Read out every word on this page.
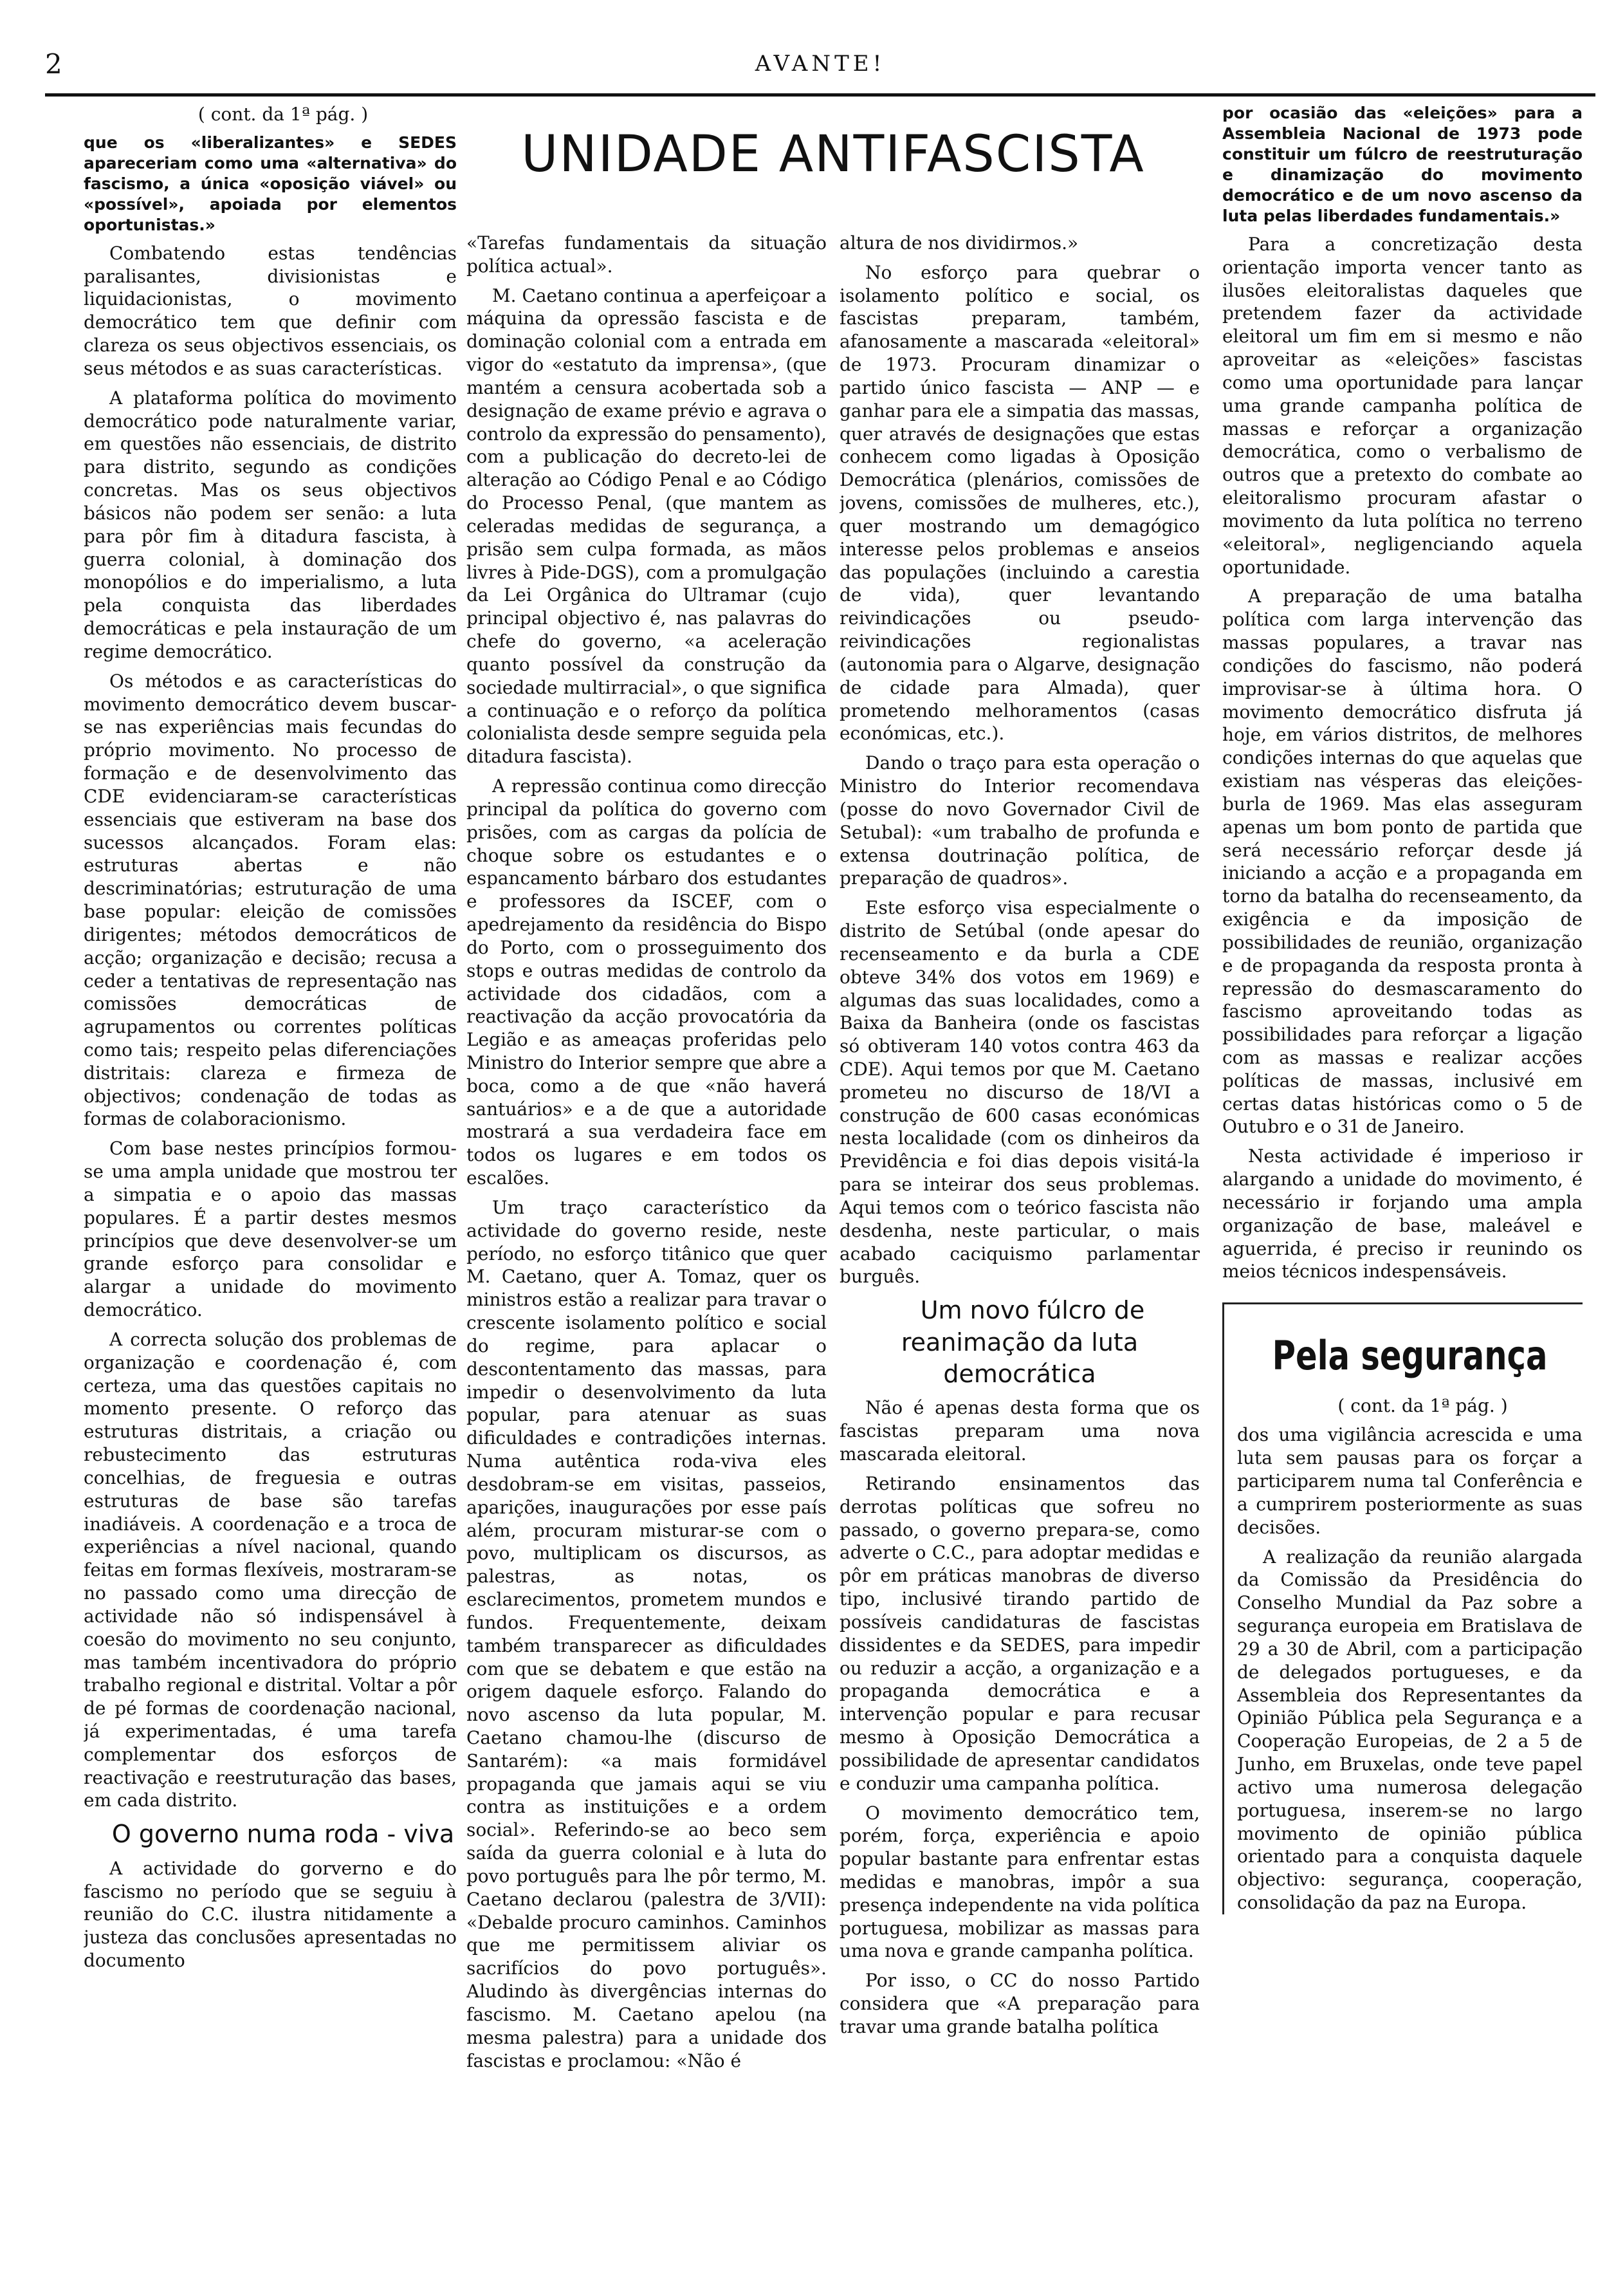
2	AVANTE!
UNIDADE ANTIFASCISTA

( cont. da 1ª pág. )

que os «liberalizantes» e SEDES apareceriam como uma «alternativa» do fascismo, a única «oposição viável» ou «possível», apoiada por elementos oportunistas.»

Combatendo estas tendências paralisantes, divisionistas e liquidacionistas, o movimento democrático tem que definir com clareza os seus objectivos essenciais, os seus métodos e as suas características.

A plataforma política do movimento democrático pode naturalmente variar, em questões não essenciais, de distrito para distrito, segundo as condições concretas. Mas os seus objectivos básicos não podem ser senão: a luta para pôr fim à ditadura fascista, à guerra colonial, à dominação dos monopólios e do imperialismo, a luta pela conquista das liberdades democráticas e pela instauração de um regime democrático.

Os métodos e as características do movimento democrático devem buscar-se nas experiências mais fecundas do próprio movimento. No processo de formação e de desenvolvimento das CDE evidenciaram-se características essenciais que estiveram na base dos sucessos alcançados. Foram elas: estruturas abertas e não descriminatórias; estruturação de uma base popular: eleição de comissões dirigentes; métodos democráticos de acção; organização e decisão; recusa a ceder a tentativas de representação nas comissões democráticas de agrupamentos ou correntes políticas como tais; respeito pelas diferenciações distritais: clareza e firmeza de objectivos; condenação de todas as formas de colaboracionismo.

Com base nestes princípios formou-se uma ampla unidade que mostrou ter a simpatia e o apoio das massas populares. É a partir destes mesmos princípios que deve desenvolver-se um grande esforço para consolidar e alargar a unidade do movimento democrático.

A correcta solução dos problemas de organização e coordenação é, com certeza, uma das questões capitais no momento presente. O reforço das estruturas distritais, a criação ou rebustecimento das estruturas concelhias, de freguesia e outras estruturas de base são tarefas inadiáveis. A coordenação e a troca de experiências a nível nacional, quando feitas em formas flexíveis, mostraram-se no passado como uma direcção de actividade não só indispensável à coesão do movimento no seu conjunto, mas também incentivadora do próprio trabalho regional e distrital. Voltar a pôr de pé formas de coordenação nacional, já experimentadas, é uma tarefa complementar dos esforços de reactivação e reestruturação das bases, em cada distrito.

O governo numa roda - viva

A actividade do gorverno e do fascismo no período que se seguiu à reunião do C.C. ilustra nitidamente a justeza das conclusões apresentadas no documento

«Tarefas fundamentais da situação política actual».

M. Caetano continua a aperfeiçoar a máquina da opressão fascista e de dominação colonial com a entrada em vigor do «estatuto da imprensa», (que mantém a censura acobertada sob a designação de exame prévio e agrava o controlo da expressão do pensamento), com a publicação do decreto-lei de alteração ao Código Penal e ao Código do Processo Penal, (que mantem as celeradas medidas de segurança, a prisão sem culpa formada, as mãos livres à Pide-DGS), com a promulgação da Lei Orgânica do Ultramar (cujo principal objectivo é, nas palavras do chefe do governo, «a aceleração quanto possível da construção da sociedade multirracial», o que significa a continuação e o reforço da política colonialista desde sempre seguida pela ditadura fascista).

A repressão continua como direcção principal da política do governo com prisões, com as cargas da polícia de choque sobre os estudantes e o espancamento bárbaro dos estudantes e professores da ISCEF, com o apedrejamento da residência do Bispo do Porto, com o prosseguimento dos stops e outras medidas de controlo da actividade dos cidadãos, com a reactivação da acção provocatória da Legião e as ameaças proferidas pelo Ministro do Interior sempre que abre a boca, como a de que «não haverá santuários» e a de que a autoridade mostrará a sua verdadeira face em todos os lugares e em todos os escalões.

Um traço característico da actividade do governo reside, neste período, no esforço titânico que quer M. Caetano, quer A. Tomaz, quer os ministros estão a realizar para travar o crescente isolamento político e social do regime, para aplacar o descontentamento das massas, para impedir o desenvolvimento da luta popular, para atenuar as suas dificuldades e contradições internas. Numa autêntica roda-viva eles desdobram-se em visitas, passeios, aparições, inaugurações por esse país além, procuram misturar-se com o povo, multiplicam os discursos, as palestras, as notas, os esclarecimentos, prometem mundos e fundos. Frequentemente, deixam também transparecer as dificuldades com que se debatem e que estão na origem daquele esforço. Falando do novo ascenso da luta popular, M. Caetano chamou-lhe (discurso de Santarém): «a mais formidável propaganda que jamais aqui se viu contra as instituições e a ordem social». Referindo-se ao beco sem saída da guerra colonial e à luta do povo português para lhe pôr termo, M. Caetano declarou (palestra de 3/VII): «Debalde procuro caminhos. Caminhos que me permitissem aliviar os sacrifícios do povo português». Aludindo às divergências internas do fascismo. M. Caetano apelou (na mesma palestra) para a unidade dos fascistas e proclamou: «Não é

altura de nos dividirmos.»

No esforço para quebrar o isolamento político e social, os fascistas preparam, também, afanosamente a mascarada «eleitoral» de 1973. Procuram dinamizar o partido único fascista — ANP — e ganhar para ele a simpatia das massas, quer através de designações que estas conhecem como ligadas à Oposição Democrática (plenários, comissões de jovens, comissões de mulheres, etc.), quer mostrando um demagógico interesse pelos problemas e anseios das populações (incluindo a carestia de vida), quer levantando reivindicações ou pseudo-reivindicações regionalistas (autonomia para o Algarve, designação de cidade para Almada), quer prometendo melhoramentos (casas económicas, etc.).

Dando o traço para esta operação o Ministro do Interior recomendava (posse do novo Governador Civil de Setubal): «um trabalho de profunda e extensa doutrinação política, de preparação de quadros».

Este esforço visa especialmente o distrito de Setúbal (onde apesar do recenseamento e da burla a CDE obteve 34% dos votos em 1969) e algumas das suas localidades, como a Baixa da Banheira (onde os fascistas só obtiveram 140 votos contra 463 da CDE). Aqui temos por que M. Caetano prometeu no discurso de 18/VI a construção de 600 casas económicas nesta localidade (com os dinheiros da Previdência e foi dias depois visitá-la para se inteirar dos seus problemas. Aqui temos com o teórico fascista não desdenha, neste particular, o mais acabado caciquismo parlamentar burguês.

Um novo fúlcro de reanimação da luta democrática

Não é apenas desta forma que os fascistas preparam uma nova mascarada eleitoral.

Retirando ensinamentos das derrotas políticas que sofreu no passado, o governo prepara-se, como adverte o C.C., para adoptar medidas e pôr em práticas manobras de diverso tipo, inclusivé tirando partido de possíveis candidaturas de fascistas dissidentes e da SEDES, para impedir ou reduzir a acção, a organização e a propaganda democrática e a intervenção popular e para recusar mesmo à Oposição Democrática a possibilidade de apresentar candidatos e conduzir uma campanha política.

O movimento democrático tem, porém, força, experiência e apoio popular bastante para enfrentar estas medidas e manobras, impôr a sua presença independente na vida política portuguesa, mobilizar as massas para uma nova e grande campanha política.

Por isso, o CC do nosso Partido considera que «A preparação para travar uma grande batalha política

por ocasião das «eleições» para a Assembleia Nacional de 1973 pode constituir um fúlcro de reestruturação e dinamização do movimento democrático e de um novo ascenso da luta pelas liberdades fundamentais.»

Para a concretização desta orientação importa vencer tanto as ilusões eleitoralistas daqueles que pretendem fazer da actividade eleitoral um fim em si mesmo e não aproveitar as «eleições» fascistas como uma oportunidade para lançar uma grande campanha política de massas e reforçar a organização democrática, como o verbalismo de outros que a pretexto do combate ao eleitoralismo procuram afastar o movimento da luta política no terreno «eleitoral», negligenciando aquela oportunidade.

A preparação de uma batalha política com larga intervenção das massas populares, a travar nas condições do fascismo, não poderá improvisar-se à última hora. O movimento democrático disfruta já hoje, em vários distritos, de melhores condições internas do que aquelas que existiam nas vésperas das eleições-burla de 1969. Mas elas asseguram apenas um bom ponto de partida que será necessário reforçar desde já iniciando a acção e a propaganda em torno da batalha do recenseamento, da exigência e da imposição de possibilidades de reunião, organização e de propaganda da resposta pronta à repressão do desmascaramento do fascismo aproveitando todas as possibilidades para reforçar a ligação com as massas e realizar acções políticas de massas, inclusivé em certas datas históricas como o 5 de Outubro e o 31 de Janeiro.

Nesta actividade é imperioso ir alargando a unidade do movimento, é necessário ir forjando uma ampla organização de base, maleável e aguerrida, é preciso ir reunindo os meios técnicos indespensáveis.

Pela segurança

( cont. da 1ª pág. )

dos uma vigilância acrescida e uma luta sem pausas para os forçar a participarem numa tal Conferência e a cumprirem posteriormente as suas decisões.

A realização da reunião alargada da Comissão da Presidência do Conselho Mundial da Paz sobre a segurança europeia em Bratislava de 29 a 30 de Abril, com a participação de delegados portugueses, e da Assembleia dos Representantes da Opinião Pública pela Segurança e a Cooperação Europeias, de 2 a 5 de Junho, em Bruxelas, onde teve papel activo uma numerosa delegação portuguesa, inserem-se no largo movimento de opinião pública orientado para a conquista daquele objectivo: segurança, cooperação, consolidação da paz na Europa.
